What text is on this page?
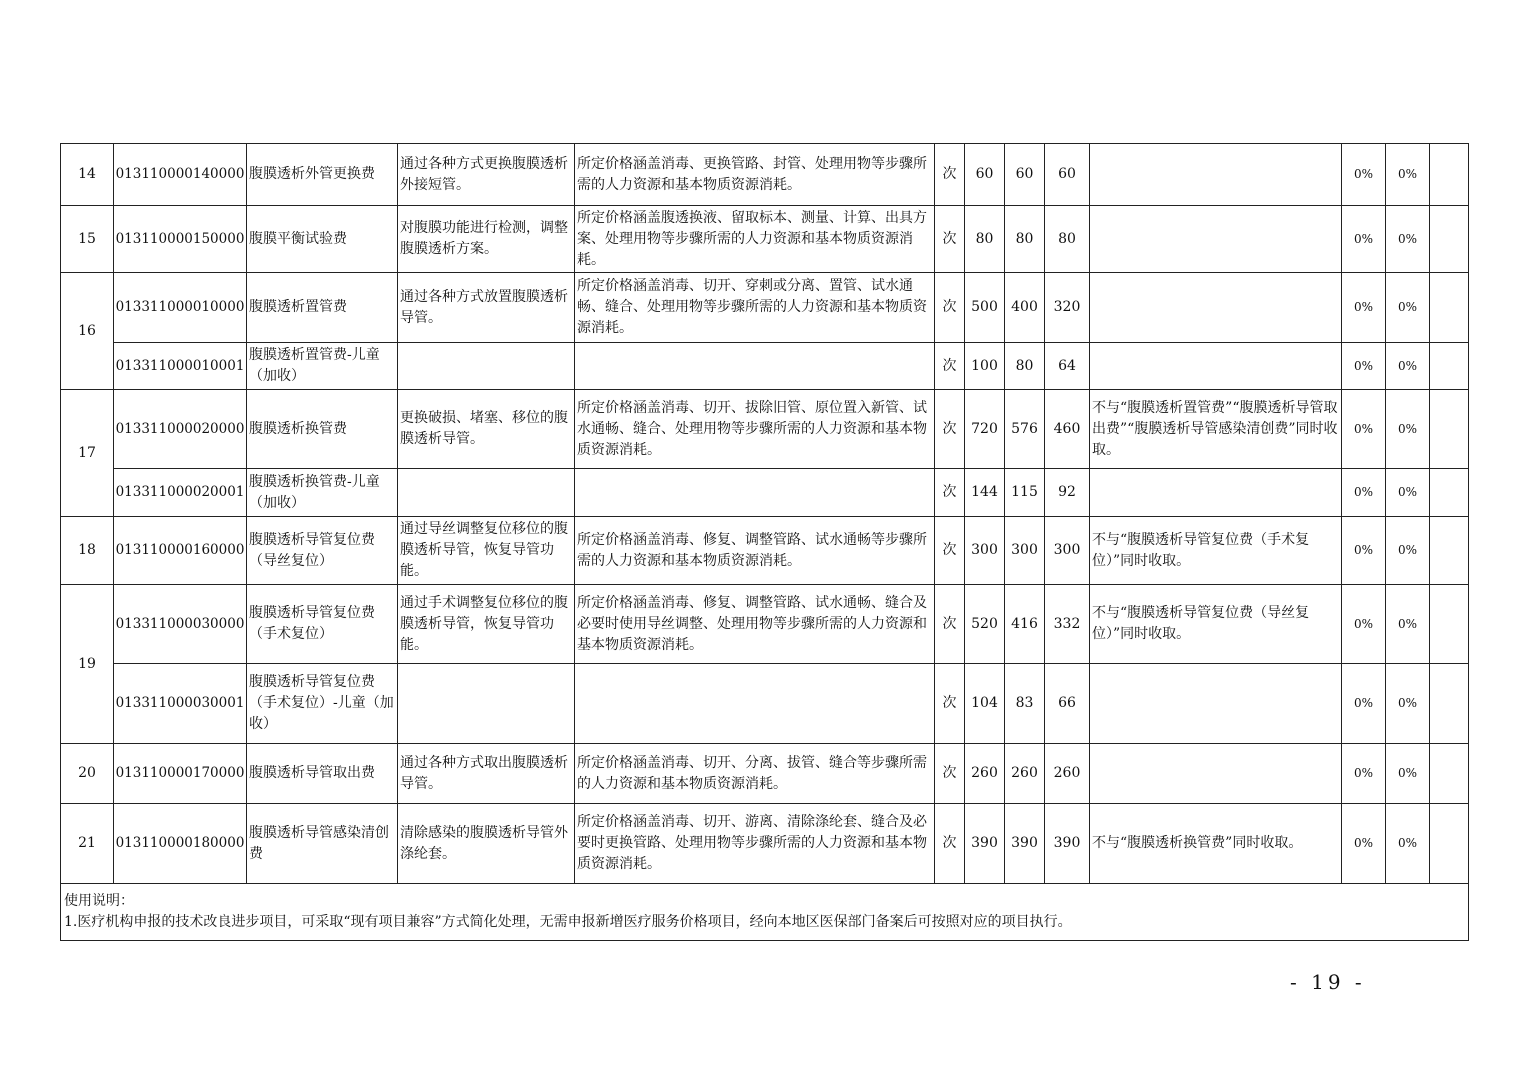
14	013110000140000	腹膜透析外管更换费	通过各种方式更换腹膜透析外接短管。	所定价格涵盖消毒、更换管路、封管、处理用物等步骤所需的人力资源和基本物质资源消耗。	次	60	60	60		0%	0%	
15	013110000150000	腹膜平衡试验费	对腹膜功能进行检测，调整腹膜透析方案。	所定价格涵盖腹透换液、留取标本、测量、计算、出具方案、处理用物等步骤所需的人力资源和基本物质资源消耗。	次	80	80	80		0%	0%	
16	013311000010000	腹膜透析置管费	通过各种方式放置腹膜透析导管。	所定价格涵盖消毒、切开、穿刺或分离、置管、试水通畅、缝合、处理用物等步骤所需的人力资源和基本物质资源消耗。	次	500	400	320		0%	0%	
	013311000010001	腹膜透析置管费-儿童（加收）			次	100	80	64		0%	0%	
17	013311000020000	腹膜透析换管费	更换破损、堵塞、移位的腹膜透析导管。	所定价格涵盖消毒、切开、拔除旧管、原位置入新管、试水通畅、缝合、处理用物等步骤所需的人力资源和基本物质资源消耗。	次	720	576	460	不与“腹膜透析置管费”“腹膜透析导管取出费”“腹膜透析导管感染清创费”同时收取。	0%	0%	
	013311000020001	腹膜透析换管费-儿童（加收）			次	144	115	92		0%	0%	
18	013110000160000	腹膜透析导管复位费（导丝复位）	通过导丝调整复位移位的腹膜透析导管，恢复导管功能。	所定价格涵盖消毒、修复、调整管路、试水通畅等步骤所需的人力资源和基本物质资源消耗。	次	300	300	300	不与“腹膜透析导管复位费（手术复位）”同时收取。	0%	0%	
19	013311000030000	腹膜透析导管复位费（手术复位）	通过手术调整复位移位的腹膜透析导管，恢复导管功能。	所定价格涵盖消毒、修复、调整管路、试水通畅、缝合及必要时使用导丝调整、处理用物等步骤所需的人力资源和基本物质资源消耗。	次	520	416	332	不与“腹膜透析导管复位费（导丝复位）”同时收取。	0%	0%	
	013311000030001	腹膜透析导管复位费（手术复位）-儿童（加收）			次	104	83	66		0%	0%	
20	013110000170000	腹膜透析导管取出费	通过各种方式取出腹膜透析导管。	所定价格涵盖消毒、切开、分离、拔管、缝合等步骤所需的人力资源和基本物质资源消耗。	次	260	260	260		0%	0%	
21	013110000180000	腹膜透析导管感染清创费	清除感染的腹膜透析导管外涤纶套。	所定价格涵盖消毒、切开、游离、清除涤纶套、缝合及必要时更换管路、处理用物等步骤所需的人力资源和基本物质资源消耗。	次	390	390	390	不与“腹膜透析换管费”同时收取。	0%	0%	

使用说明：
1.医疗机构申报的技术改良进步项目，可采取“现有项目兼容”方式简化处理，无需申报新增医疗服务价格项目，经向本地区医保部门备案后可按照对应的项目执行。												
- 19 -
